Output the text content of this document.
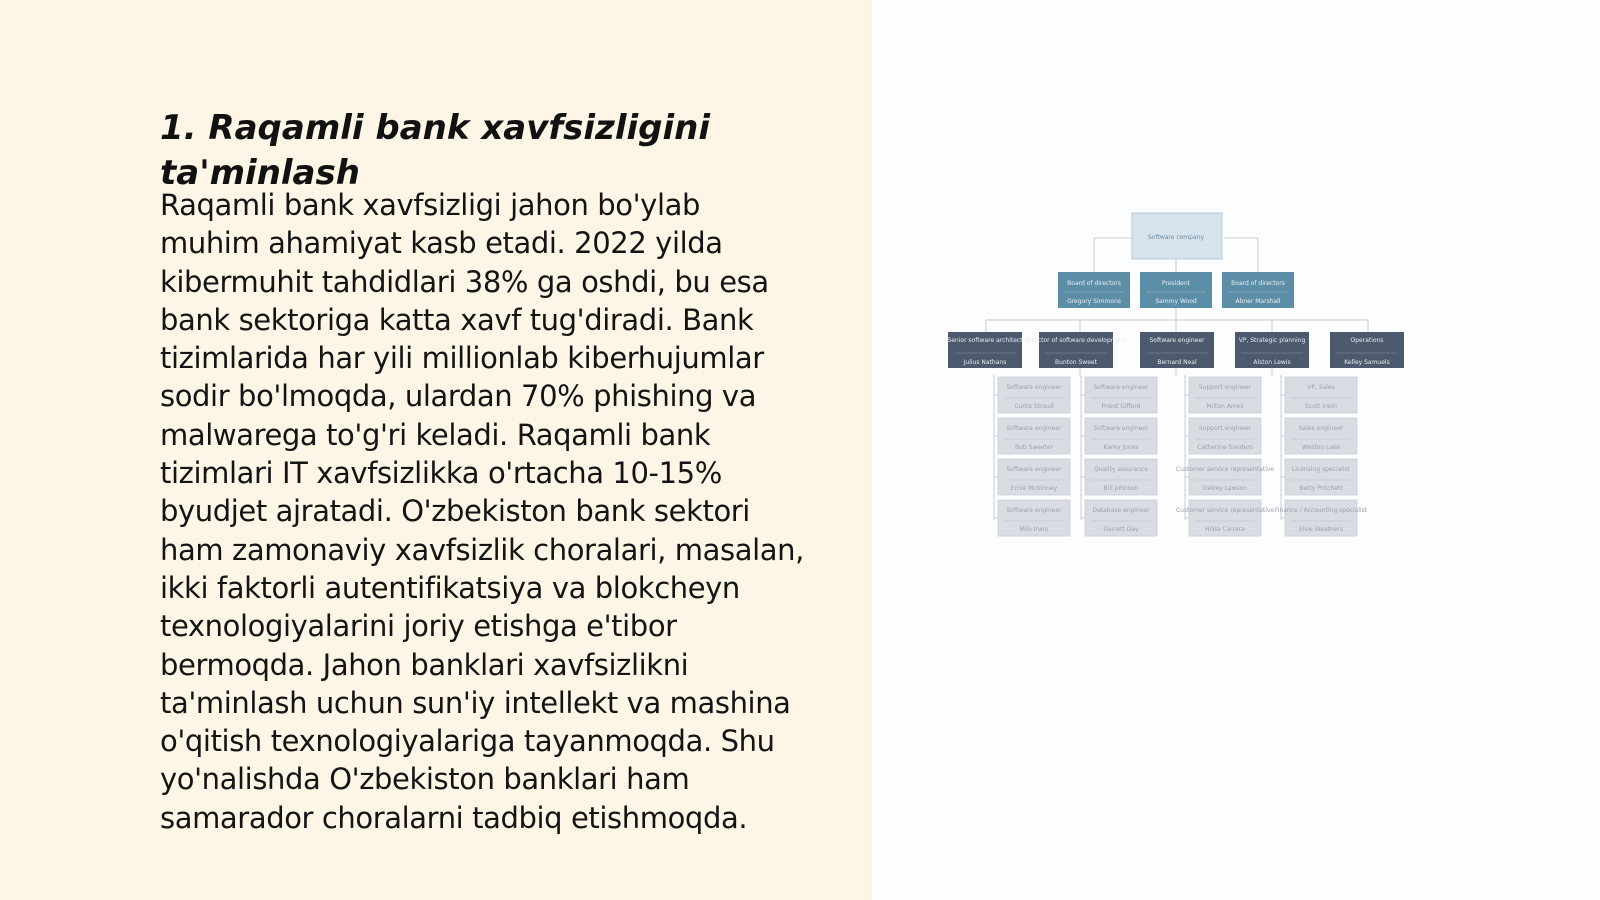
1. Raqamli bank xavfsizligini ta'minlash

Raqamli bank xavfsizligi jahon bo'ylab
muhim ahamiyat kasb etadi. 2022 yilda
kibermuhit tahdidlari 38% ga oshdi, bu esa
bank sektoriga katta xavf tug'diradi. Bank
tizimlarida har yili millionlab kiberhujumlar
sodir bo'lmoqda, ulardan 70% phishing va
malwarega to'g'ri keladi. Raqamli bank
tizimlari IT xavfsizlikka o'rtacha 10-15%
byudjet ajratadi. O'zbekiston bank sektori
ham zamonaviy xavfsizlik choralari, masalan,
ikki faktorli autentifikatsiya va blokcheyn
texnologiyalarini joriy etishga e'tibor
bermoqda. Jahon banklari xavfsizlikni
ta'minlash uchun sun'iy intellekt va mashina
o'qitish texnologiyalariga tayanmoqda. Shu
yo'nalishda O'zbekiston banklari ham
samarador choralarni tadbiq etishmoqda.

Software company
Board of directors
Gregory Simmons
President
Sammy Wood
Board of directors
Abner Marshall
Senior software architect
Julius Nathans
Director of software development
Bunton Sweet
Software engineer
Bernard Neal
VP, Strategic planning
Alston Lewis
Operations
Kelley Samuels
Software engineer
Curtis Stroud
Software engineer
Bob Sweeter
Software engineer
Ernie McKinney
Software engineer
Milo Irwin
Software engineer
Priest Gifford
Software engineer
Karey Jones
Quality assurance
Bill Johnson
Database engineer
Garrett Day
Support engineer
Milton Ames
Support engineer
Catherine Sanders
Customer service representative
Delrey Lawson
Customer service representative
Hilda Carrera
VP, Sales
Scott Irwin
Sales engineer
Weldon Lake
Licensing specialist
Betty Pritchett
Finance / Accounting specialist
Elsie Weathers
